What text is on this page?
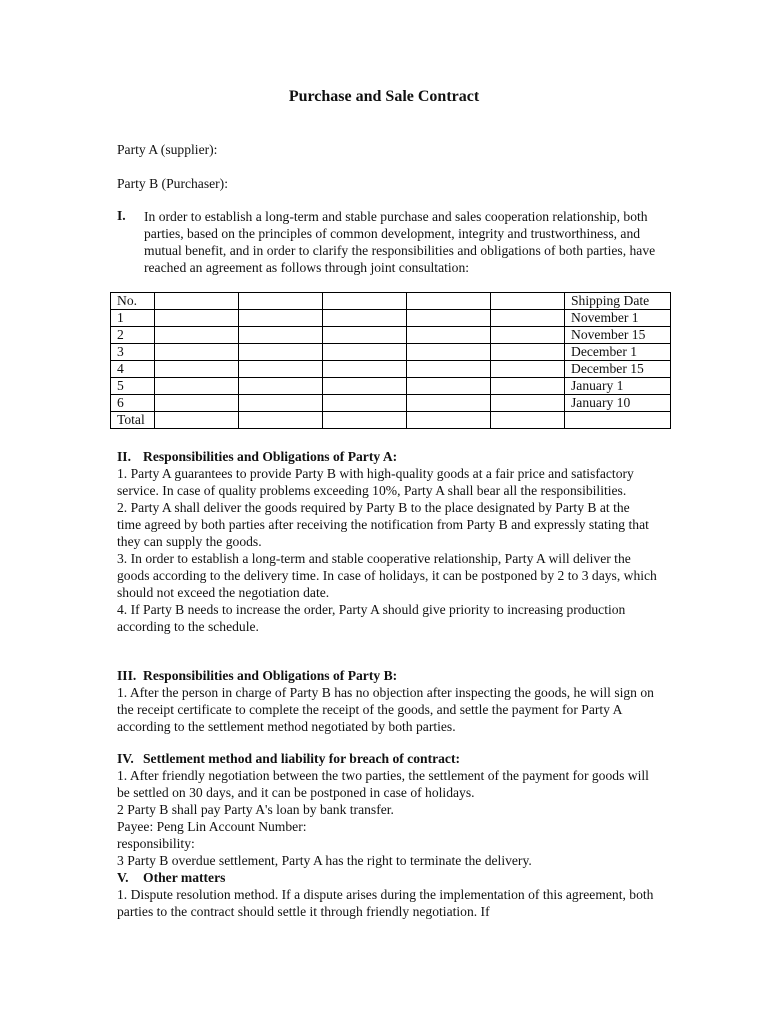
Purchase and Sale Contract
Party A (supplier):
Party B (Purchaser):
I. In order to establish a long-term and stable purchase and sales cooperation relationship, both parties, based on the principles of common development, integrity and trustworthiness, and mutual benefit, and in order to clarify the responsibilities and obligations of both parties, have reached an agreement as follows through joint consultation:
No.						Shipping Date
1						November 1
2						November 15
3						December 1
4						December 15
5						January 1
6						January 10
Total						

II. Responsibilities and Obligations of Party A:

1. Party A guarantees to provide Party B with high-quality goods at a fair price and satisfactory service. In case of quality problems exceeding 10%, Party A shall bear all the responsibilities.

2. Party A shall deliver the goods required by Party B to the place designated by Party B at the time agreed by both parties after receiving the notification from Party B and expressly stating that they can supply the goods.

3. In order to establish a long-term and stable cooperative relationship, Party A will deliver the goods according to the delivery time. In case of holidays, it can be postponed by 2 to 3 days, which should not exceed the negotiation date.

4. If Party B needs to increase the order, Party A should give priority to increasing production according to the schedule.

III. Responsibilities and Obligations of Party B:

1. After the person in charge of Party B has no objection after inspecting the goods, he will sign on the receipt certificate to complete the receipt of the goods, and settle the payment for Party A according to the settlement method negotiated by both parties.

IV. Settlement method and liability for breach of contract:

1. After friendly negotiation between the two parties, the settlement of the payment for goods will be settled on 30 days, and it can be postponed in case of holidays.

2 Party B shall pay Party A's loan by bank transfer.

Payee: Peng Lin Account Number:

responsibility:

3 Party B overdue settlement, Party A has the right to terminate the delivery.

V. Other matters

1. Dispute resolution method. If a dispute arises during the implementation of this agreement, both parties to the contract should settle it through friendly negotiation. If
